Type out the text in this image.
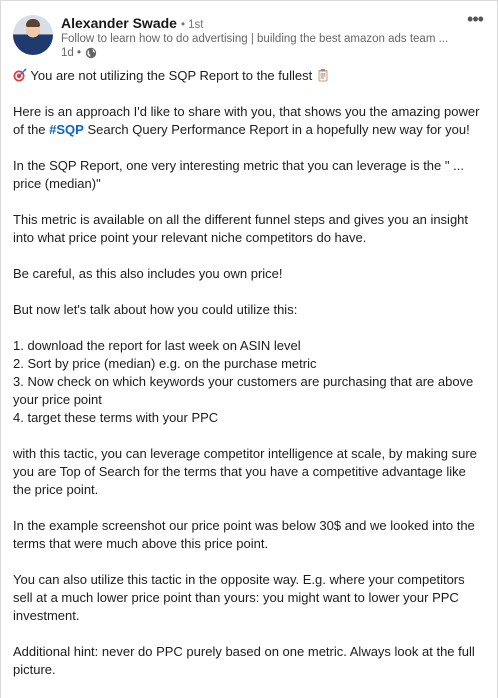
Alexander Swade • 1st
Follow to learn how to do advertising | building the best amazon ads team ...
1d •
•••

You are not utilizing the SQP Report to the fullest

Here is an approach I'd like to share with you, that shows you the amazing power of the #SQP Search Query Performance Report in a hopefully new way for you!

In the SQP Report, one very interesting metric that you can leverage is the " ... price (median)"

This metric is available on all the different funnel steps and gives you an insight into what price point your relevant niche competitors do have.

Be careful, as this also includes you own price!

But now let's talk about how you could utilize this:

1. download the report for last week on ASIN level
2. Sort by price (median) e.g. on the purchase metric
3. Now check on which keywords your customers are purchasing that are above your price point
4. target these terms with your PPC

with this tactic, you can leverage competitor intelligence at scale, by making sure you are Top of Search for the terms that you have a competitive advantage like the price point.

In the example screenshot our price point was below 30$ and we looked into the terms that were much above this price point.

You can also utilize this tactic in the opposite way. E.g. where your competitors sell at a much lower price point than yours: you might want to lower your PPC investment.

Additional hint: never do PPC purely based on one metric. Always look at the full picture.
